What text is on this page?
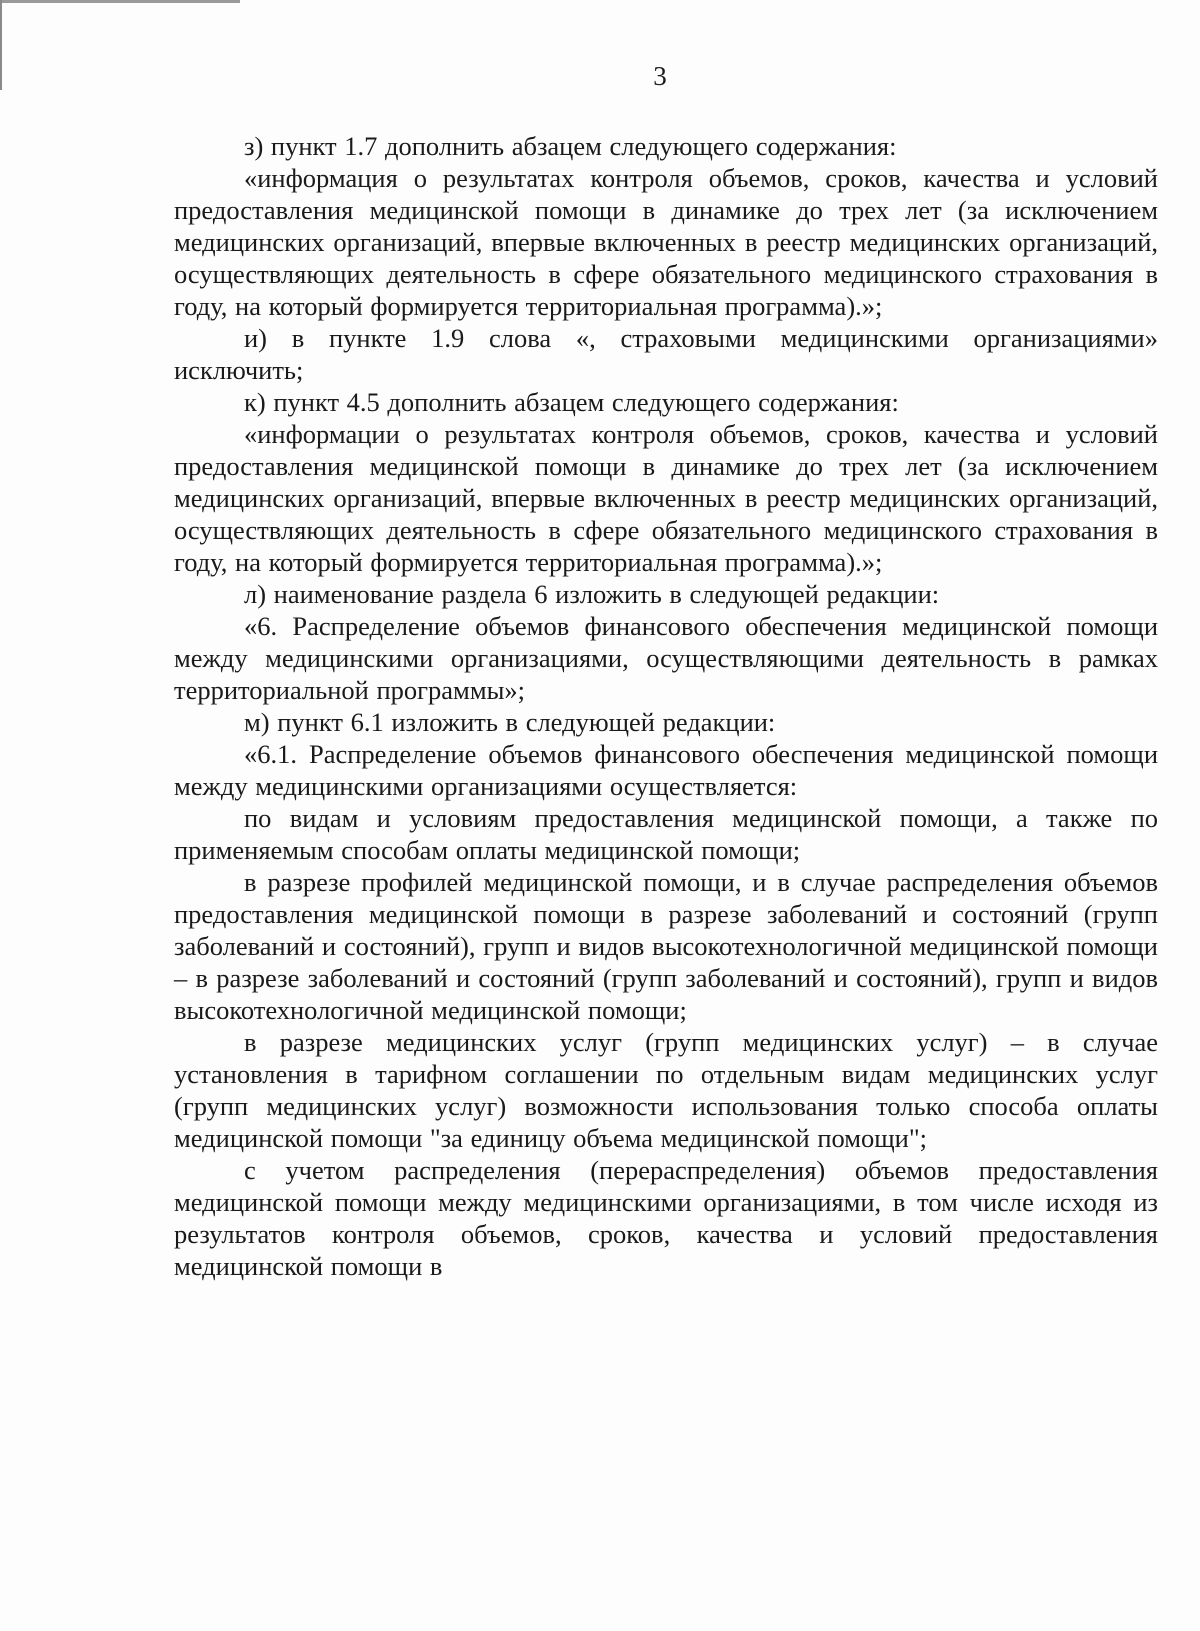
3

з) пункт 1.7 дополнить абзацем следующего содержания:

«информация о результатах контроля объемов, сроков, качества и условий предоставления медицинской помощи в динамике до трех лет (за исключением медицинских организаций, впервые включенных в реестр медицинских организаций, осуществляющих деятельность в сфере обязательного медицинского страхования в году, на который формируется территориальная программа).»;

и) в пункте 1.9 слова «, страховыми медицинскими организациями» исключить;

к) пункт 4.5 дополнить абзацем следующего содержания:

«информации о результатах контроля объемов, сроков, качества и условий предоставления медицинской помощи в динамике до трех лет (за исключением медицинских организаций, впервые включенных в реестр медицинских организаций, осуществляющих деятельность в сфере обязательного медицинского страхования в году, на который формируется территориальная программа).»;

л) наименование раздела 6 изложить в следующей редакции:

«6. Распределение объемов финансового обеспечения медицинской помощи между медицинскими организациями, осуществляющими деятельность в рамках территориальной программы»;

м) пункт 6.1 изложить в следующей редакции:

«6.1. Распределение объемов финансового обеспечения медицинской помощи между медицинскими организациями осуществляется:

по видам и условиям предоставления медицинской помощи, а также по применяемым способам оплаты медицинской помощи;

в разрезе профилей медицинской помощи, и в случае распределения объемов предоставления медицинской помощи в разрезе заболеваний и состояний (групп заболеваний и состояний), групп и видов высокотехнологичной медицинской помощи – в разрезе заболеваний и состояний (групп заболеваний и состояний), групп и видов высокотехнологичной медицинской помощи;

в разрезе медицинских услуг (групп медицинских услуг) – в случае установления в тарифном соглашении по отдельным видам медицинских услуг (групп медицинских услуг) возможности использования только способа оплаты медицинской помощи "за единицу объема медицинской помощи";

с учетом распределения (перераспределения) объемов предоставления медицинской помощи между медицинскими организациями, в том числе исходя из результатов контроля объемов, сроков, качества и условий предоставления медицинской помощи в
